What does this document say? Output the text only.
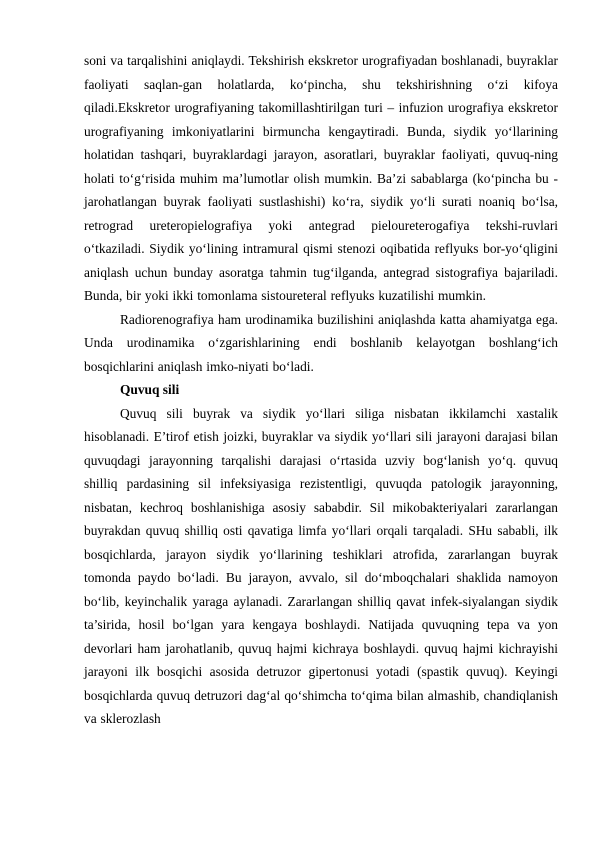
soni va tarqalishini aniqlaydi. Tekshirish ekskretor urografiyadan boshlanadi, buyraklar faoliyati saqlan-gan holatlarda, ko‘pincha, shu tekshirishning o‘zi kifoya qiladi.Ekskretor urografiyaning takomillashtirilgan turi – infuzion urografiya ekskretor urografiyaning imkoniyatlarini birmuncha kengaytiradi. Bunda, siydik yo‘llarining holatidan tashqari, buyraklardagi jarayon, asoratlari, buyraklar faoliyati, quvuq-ning holati to‘g‘risida muhim ma’lumotlar olish mumkin. Ba’zi sabablarga (ko‘pincha bu - jarohatlangan buyrak faoliyati sustlashishi) ko‘ra, siydik yo‘li surati noaniq bo‘lsa, retrograd ureteropielografiya yoki antegrad pieloureterogafiya tekshi-ruvlari o‘tkaziladi. Siydik yo‘lining intramural qismi stenozi oqibatida reflyuks bor-yo‘qligini aniqlash uchun bunday asoratga tahmin tug‘ilganda, antegrad sistografiya bajariladi. Bunda, bir yoki ikki tomonlama sistoureteral reflyuks kuzatilishi mumkin.

Radiorenografiya ham urodinamika buzilishini aniqlashda katta ahamiyatga ega. Unda urodinamika o‘zgarishlarining endi boshlanib kelayotgan boshlang‘ich bosqichlarini aniqlash imko-niyati bo‘ladi.

Quvuq sili

Quvuq sili buyrak va siydik yo‘llari siliga nisbatan ikkilamchi xastalik hisoblanadi. E’tirof etish joizki, buyraklar va siydik yo‘llari sili jarayoni darajasi bilan quvuqdagi jarayonning tarqalishi darajasi o‘rtasida uzviy bog‘lanish yo‘q. quvuq shilliq pardasining sil infeksiyasiga rezistentligi, quvuqda patologik jarayonning, nisbatan, kechroq boshlanishiga asosiy sababdir. Sil mikobakteriyalari zararlangan buyrakdan quvuq shilliq osti qavatiga limfa yo‘llari orqali tarqaladi. SHu sababli, ilk bosqichlarda, jarayon siydik yo‘llarining teshiklari atrofida, zararlangan buyrak tomonda paydo bo‘ladi. Bu jarayon, avvalo, sil do‘mboqchalari shaklida namoyon bo‘lib, keyinchalik yaraga aylanadi. Zararlangan shilliq qavat infek-siyalangan siydik ta’sirida, hosil bo‘lgan yara kengaya boshlaydi. Natijada quvuqning tepa va yon devorlari ham jarohatlanib, quvuq hajmi kichraya boshlaydi. quvuq hajmi kichrayishi jarayoni ilk bosqichi asosida detruzor gipertonusi yotadi (spastik quvuq). Keyingi bosqichlarda quvuq detruzori dag‘al qo‘shimcha to‘qima bilan almashib, chandiqlanish va sklerozlash
